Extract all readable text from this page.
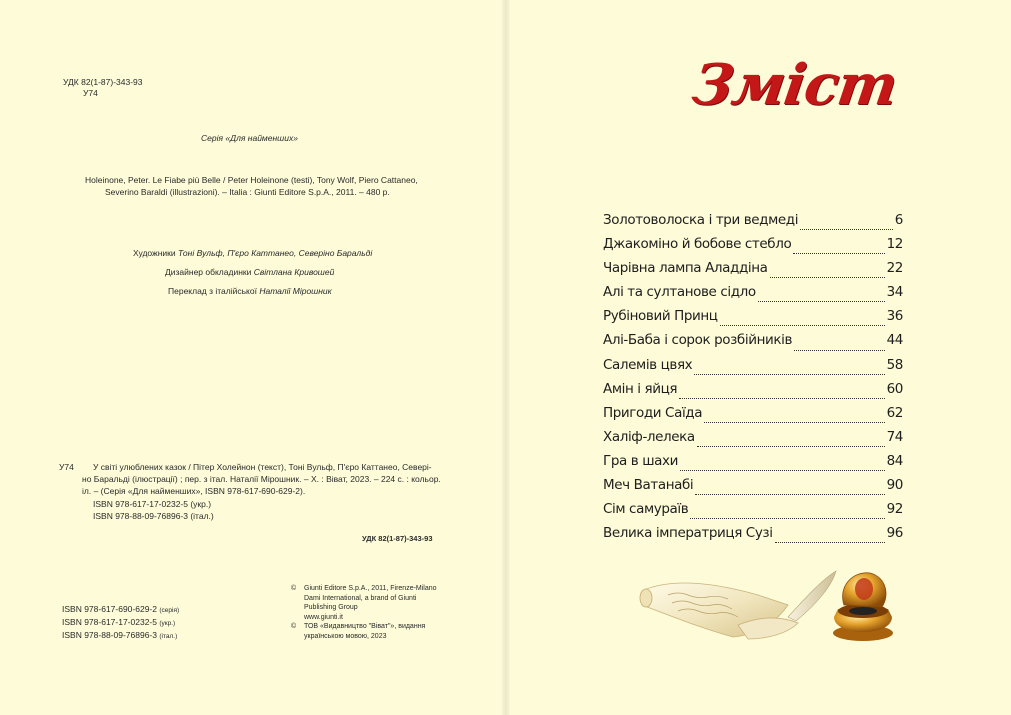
УДК 82(1-87)-343-93
У74
Серія «Для найменших»
Holeinone, Peter. Le Fiabe più Belle / Peter Holeinone (testi), Tony Wolf, Piero Cattaneo,
Severino Baraldi (illustrazioni). – Italia : Giunti Editore S.p.A., 2011. – 480 p.
Художники Тоні Вульф, П'єро Каттанео, Северіно Баральді
Дизайнер обкладинки Світлана Кривошей
Переклад з італійської Наталії Мірошник
У74 У світі улюблених казок / Пітер Холейнон (текст), Тоні Вульф, П'єро Каттанео, Севері-
но Баральді (ілюстрації) ; пер. з італ. Наталії Мірошник. – Х. : Віват, 2023. – 224 с. : кольор.
іл. – (Серія «Для найменших», ISBN 978-617-690-629-2).
ISBN 978-617-17-0232-5 (укр.)
ISBN 978-88-09-76896-3 (італ.)
УДК 82(1-87)-343-93
ISBN 978-617-690-629-2 (серія)
ISBN 978-617-17-0232-5 (укр.)
ISBN 978-88-09-76896-3 (італ.)
© Giunti Editore S.p.A., 2011, Firenze-Milano
Dami International, a brand of Giunti
Publishing Group
www.giunti.it
© ТОВ «Видавництво "Віват"», видання
українською мовою, 2023
Зміст
Золотоволоска і три ведмеді	6
Джакоміно й бобове стебло	12
Чарівна лампа Аладдіна	22
Алі та султанове сідло	34
Рубіновий Принц	36
Алі-Баба і сорок розбійників	44
Салемів цвях	58
Амін і яйця	60
Пригоди Саїда	62
Халіф-лелека	74
Гра в шахи	84
Меч Ватанабі	90
Сім самураїв	92
Велика імператриця Сузі	96
